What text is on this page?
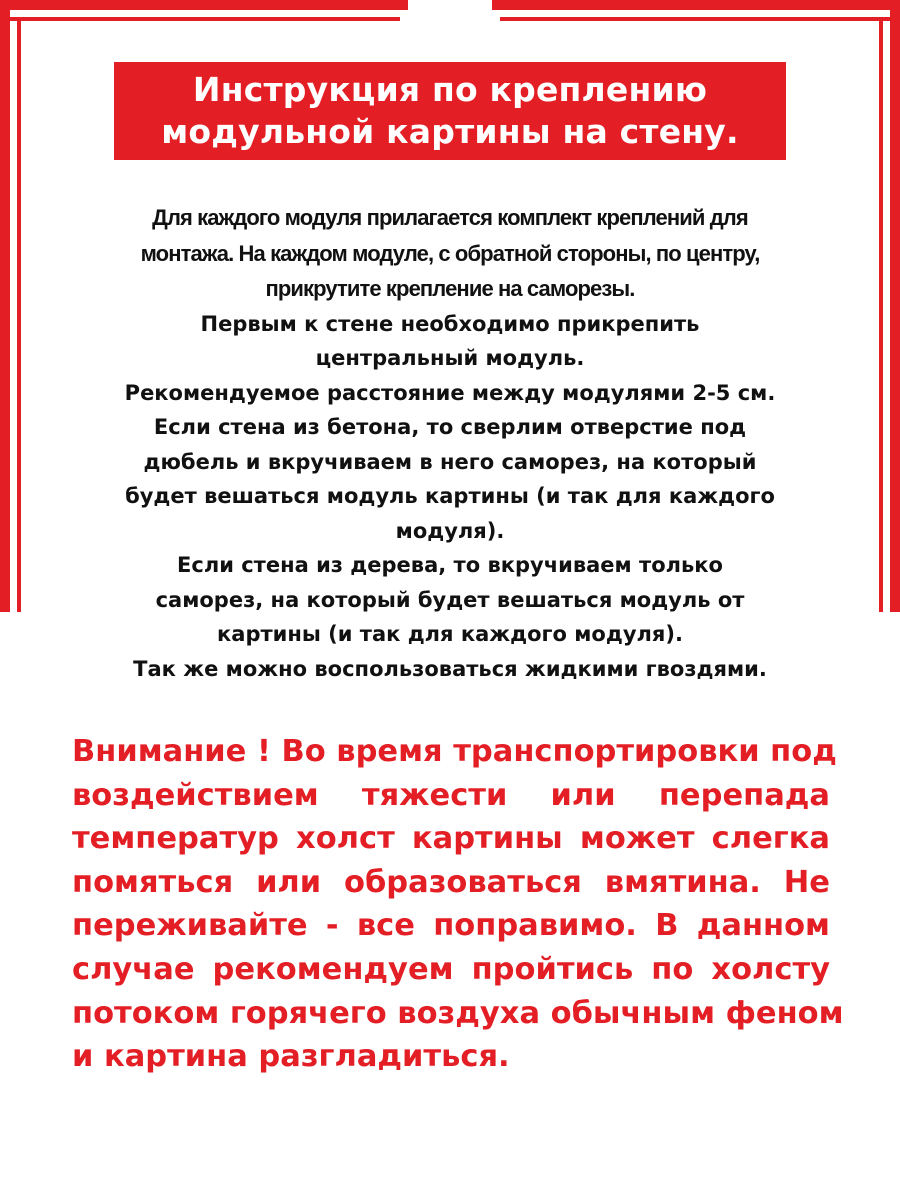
Инструкция по креплению
модульной картины на стену.
Для каждого модуля прилагается комплект креплений для
монтажа. На каждом модуле, с обратной стороны, по центру,
прикрутите крепление на саморезы.
Первым к стене необходимо прикрепить
центральный модуль.
Рекомендуемое расстояние между модулями 2-5 см.
Если стена из бетона, то сверлим отверстие под
дюбель и вкручиваем в него саморез, на который
будет вешаться модуль картины (и так для каждого
модуля).
Если стена из дерева, то вкручиваем только
саморез, на который будет вешаться модуль от
картины (и так для каждого модуля).
Так же можно воспользоваться жидкими гвоздями.
Внимание ! Во время транспортировки под
воздействием тяжести или перепада
температур холст картины может слегка
помяться или образоваться вмятина. Не
переживайте - все поправимо. В данном
случае рекомендуем пройтись по холсту
потоком горячего воздуха обычным феном
и картина разгладиться.
